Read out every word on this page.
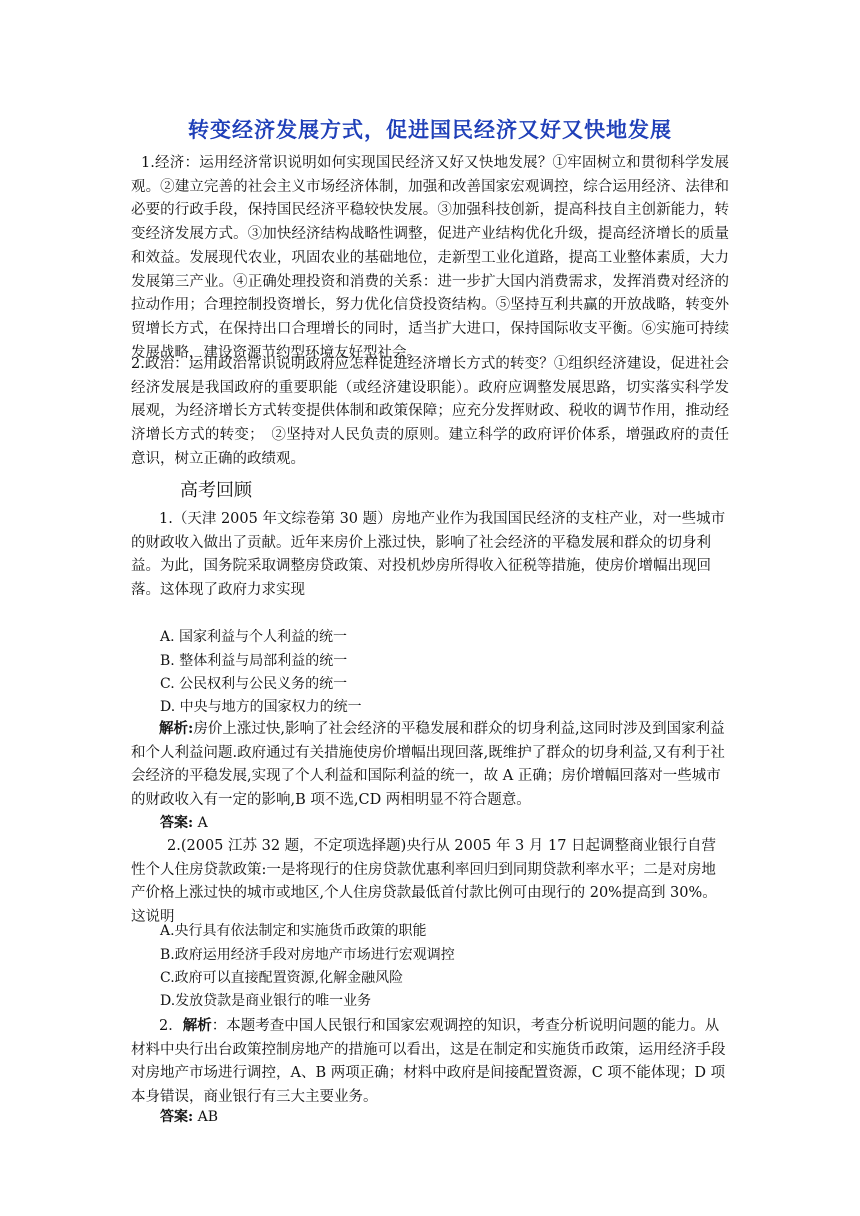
转变经济发展方式，促进国民经济又好又快地发展
1.经济：运用经济常识说明如何实现国民经济又好又快地发展？①牢固树立和贯彻科学发展观。②建立完善的社会主义市场经济体制，加强和改善国家宏观调控，综合运用经济、法律和必要的行政手段，保持国民经济平稳较快发展。③加强科技创新，提高科技自主创新能力，转变经济发展方式。③加快经济结构战略性调整，促进产业结构优化升级，提高经济增长的质量和效益。发展现代农业，巩固农业的基础地位，走新型工业化道路，提高工业整体素质，大力发展第三产业。④正确处理投资和消费的关系：进一步扩大国内消费需求，发挥消费对经济的拉动作用；合理控制投资增长，努力优化信贷投资结构。⑤坚持互利共赢的开放战略，转变外贸增长方式，在保持出口合理增长的同时，适当扩大进口，保持国际收支平衡。⑥实施可持续发展战略，建设资源节约型环境友好型社会。
2.政治：运用政治常识说明政府应怎样促进经济增长方式的转变？①组织经济建设，促进社会经济发展是我国政府的重要职能（或经济建设职能）。政府应调整发展思路，切实落实科学发展观，为经济增长方式转变提供体制和政策保障；应充分发挥财政、税收的调节作用，推动经济增长方式的转变；　②坚持对人民负责的原则。建立科学的政府评价体系，增强政府的责任意识，树立正确的政绩观。
高考回顾
1.（天津 2005 年文综卷第 30 题）房地产业作为我国国民经济的支柱产业，对一些城市的财政收入做出了贡献。近年来房价上涨过快，影响了社会经济的平稳发展和群众的切身利益。为此，国务院采取调整房贷政策、对投机炒房所得收入征税等措施，使房价增幅出现回落。这体现了政府力求实现
A. 国家利益与个人利益的统一
B. 整体利益与局部利益的统一
C. 公民权利与公民义务的统一
D. 中央与地方的国家权力的统一
解析:房价上涨过快,影响了社会经济的平稳发展和群众的切身利益,这同时涉及到国家利益和个人利益问题.政府通过有关措施使房价增幅出现回落,既维护了群众的切身利益,又有利于社会经济的平稳发展,实现了个人利益和国际利益的统一，故 A 正确；房价增幅回落对一些城市的财政收入有一定的影响,B 项不选,CD 两相明显不符合题意。
答案: A
2.(2005 江苏 32 题，不定项选择题)央行从 2005 年 3 月 17 日起调整商业银行自营性个人住房贷款政策:一是将现行的住房贷款优惠利率回归到同期贷款利率水平；二是对房地产价格上涨过快的城市或地区,个人住房贷款最低首付款比例可由现行的 20%提高到 30%。这说明
A.央行具有依法制定和实施货币政策的职能
B.政府运用经济手段对房地产市场进行宏观调控
C.政府可以直接配置资源,化解金融风险
D.发放贷款是商业银行的唯一业务
2．解析：本题考查中国人民银行和国家宏观调控的知识，考查分析说明问题的能力。从材料中央行出台政策控制房地产的措施可以看出，这是在制定和实施货币政策，运用经济手段对房地产市场进行调控，A、B 两项正确；材料中政府是间接配置资源，C 项不能体现；D 项本身错误，商业银行有三大主要业务。
答案: AB
